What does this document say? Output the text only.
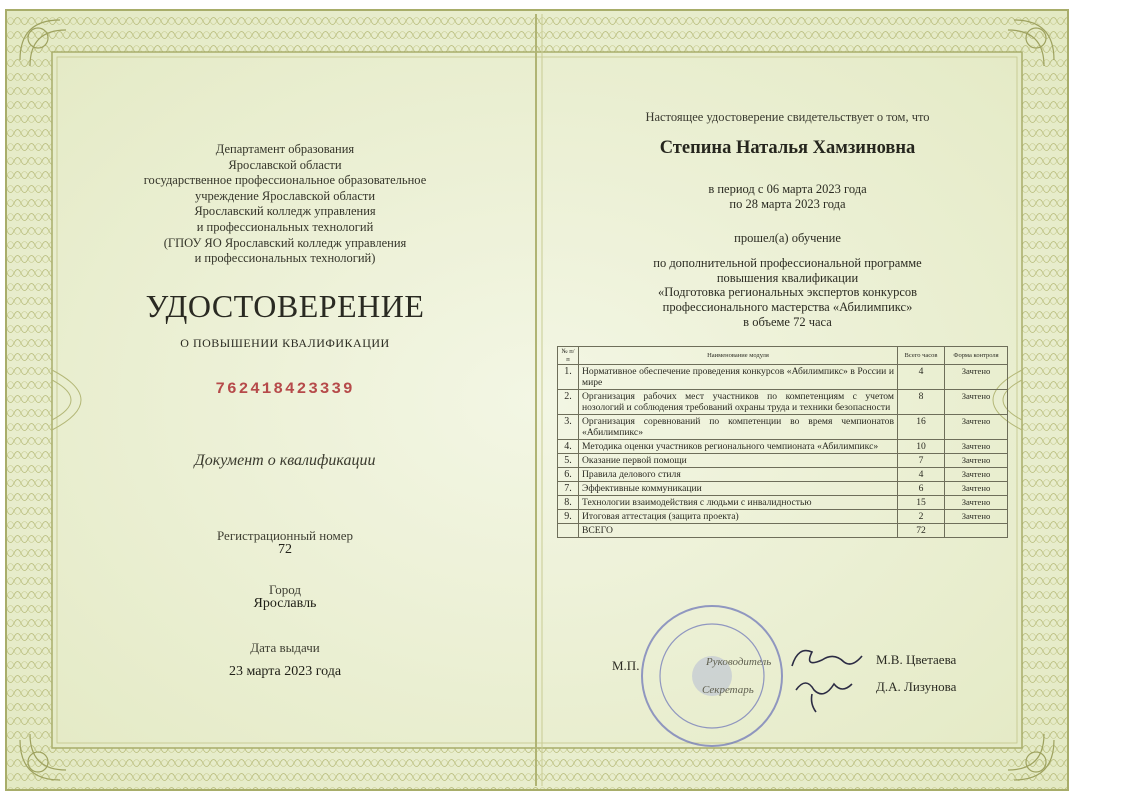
Департамент образования
Ярославской области
государственное профессиональное образовательное
учреждение Ярославской области
Ярославский колледж управления
и профессиональных технологий
(ГПОУ ЯО Ярославский колледж управления
и профессиональных технологий)
УДОСТОВЕРЕНИЕ
О ПОВЫШЕНИИ КВАЛИФИКАЦИИ
762418423339
Документ о квалификации
Регистрационный номер
72
Город
Ярославль
Дата выдачи
23 марта 2023 года
Настоящее удостоверение свидетельствует о том, что
Степина Наталья Хамзиновна
в период с 06 марта 2023 года
по 28 марта 2023 года
прошел(а) обучение
по дополнительной профессиональной программе
повышения квалификации
«Подготовка региональных экспертов конкурсов
профессионального мастерства «Абилимпикс»
в объеме 72 часа
№ п/п	Наименование модуля	Всего часов	Форма контроля
1.	Нормативное обеспечение проведения конкурсов «Абилимпикс» в России и мире	4	Зачтено
2.	Организация рабочих мест участников по компетенциям с учетом нозологий и соблюдения требований охраны труда и техники безопасности	8	Зачтено
3.	Организация соревнований по компетенции во время чемпионатов «Абилимпикс»	16	Зачтено
4.	Методика оценки участников регионального чемпионата «Абилимпикс»	10	Зачтено
5.	Оказание первой помощи	7	Зачтено
6.	Правила делового стиля	4	Зачтено
7.	Эффективные коммуникации	6	Зачтено
8.	Технологии взаимодействия с людьми с инвалидностью	15	Зачтено
9.	Итоговая аттестация (защита проекта)	2	Зачтено
	ВСЕГО	72	
М.П.	Руководитель
Секретарь
М.В. Цветаева
Д.А. Лизунова
